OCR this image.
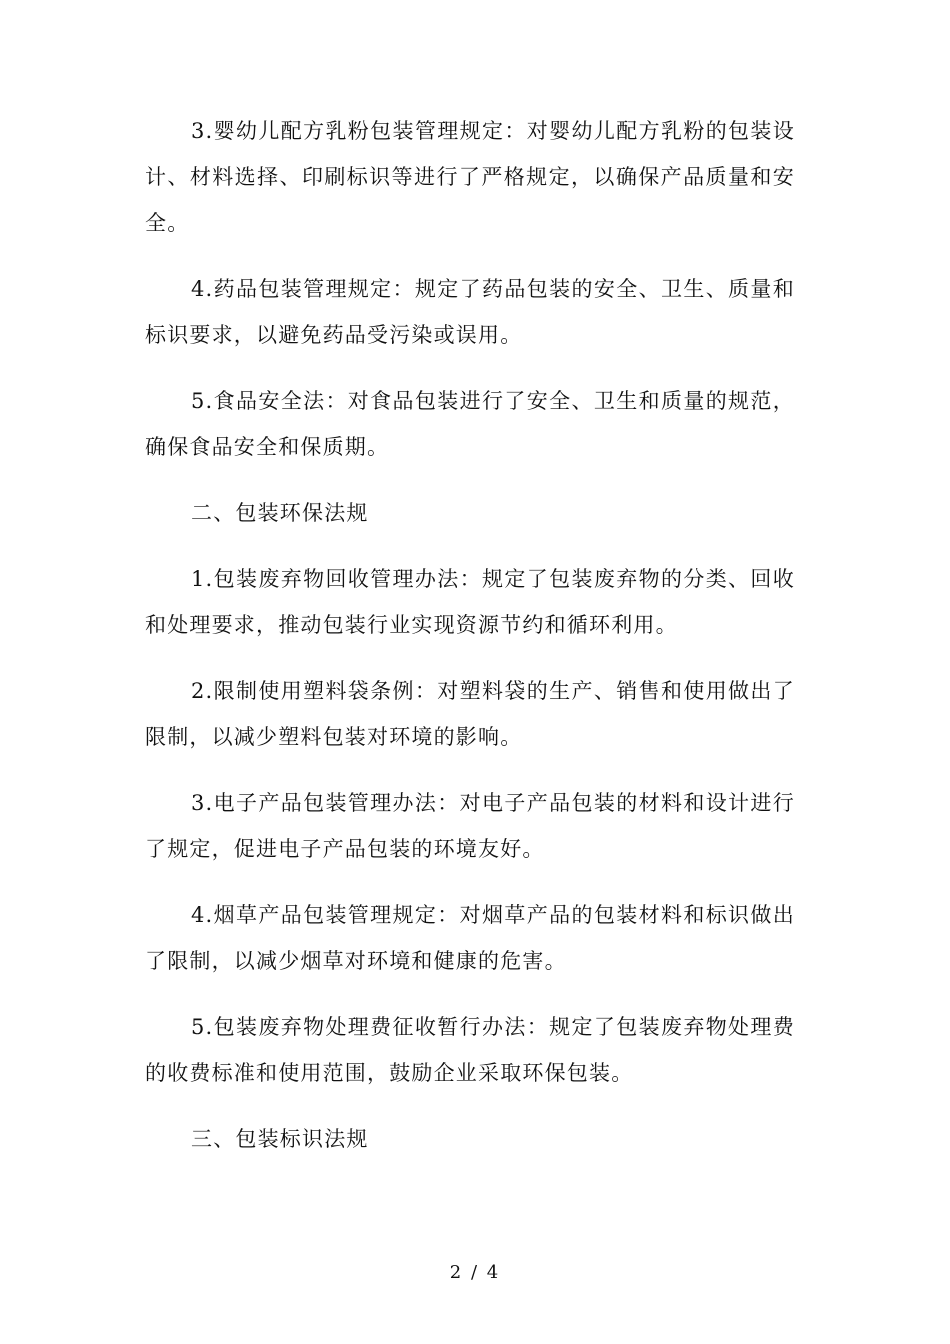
3.婴幼儿配方乳粉包装管理规定：对婴幼儿配方乳粉的包装设计、材料选择、印刷标识等进行了严格规定，以确保产品质量和安全。

4.药品包装管理规定：规定了药品包装的安全、卫生、质量和标识要求，以避免药品受污染或误用。

5.食品安全法：对食品包装进行了安全、卫生和质量的规范，确保食品安全和保质期。

二、包装环保法规

1.包装废弃物回收管理办法：规定了包装废弃物的分类、回收和处理要求，推动包装行业实现资源节约和循环利用。

2.限制使用塑料袋条例：对塑料袋的生产、销售和使用做出了限制，以减少塑料包装对环境的影响。

3.电子产品包装管理办法：对电子产品包装的材料和设计进行了规定，促进电子产品包装的环境友好。

4.烟草产品包装管理规定：对烟草产品的包装材料和标识做出了限制，以减少烟草对环境和健康的危害。

5.包装废弃物处理费征收暂行办法：规定了包装废弃物处理费的收费标准和使用范围，鼓励企业采取环保包装。

三、包装标识法规

2 / 4
